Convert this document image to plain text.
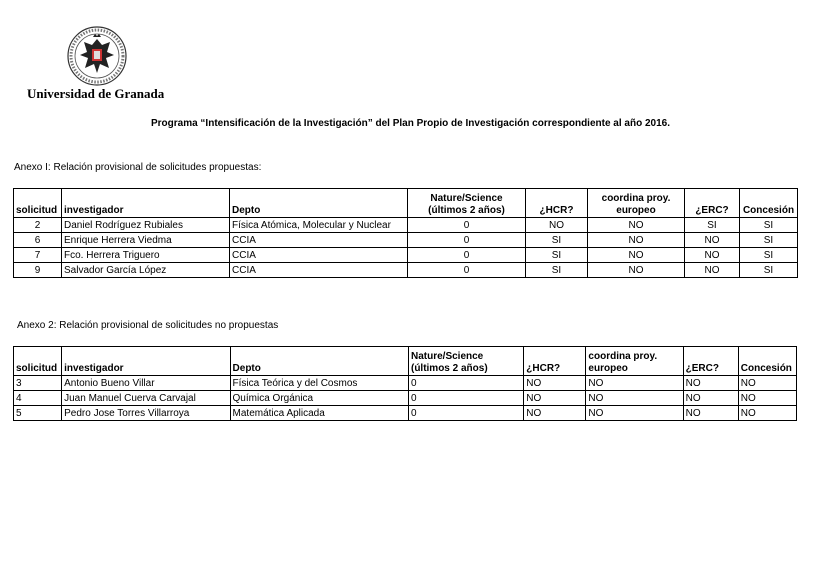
Universidad de Granada
Programa “Intensificación de la Investigación” del Plan Propio de Investigación correspondiente al año 2016.
Anexo I: Relación provisional de solicitudes propuestas:
solicitud	investigador	Depto	Nature/Science (últimos 2 años)	¿HCR?	coordina proy. europeo	¿ERC?	Concesión
2	Daniel Rodríguez Rubiales	Física Atómica, Molecular y Nuclear	0	NO	NO	SI	SI
6	Enrique Herrera Viedma	CCIA	0	SI	NO	NO	SI
7	Fco. Herrera Triguero	CCIA	0	SI	NO	NO	SI
9	Salvador García López	CCIA	0	SI	NO	NO	SI
Anexo 2: Relación provisional de solicitudes no propuestas
solicitud	investigador	Depto	Nature/Science (últimos 2 años)	¿HCR?	coordina proy. europeo	¿ERC?	Concesión
3	Antonio Bueno Villar	Física Teórica y del Cosmos	0	NO	NO	NO	NO
4	Juan Manuel Cuerva Carvajal	Química Orgánica	0	NO	NO	NO	NO
5	Pedro Jose Torres Villarroya	Matemática Aplicada	0	NO	NO	NO	NO
